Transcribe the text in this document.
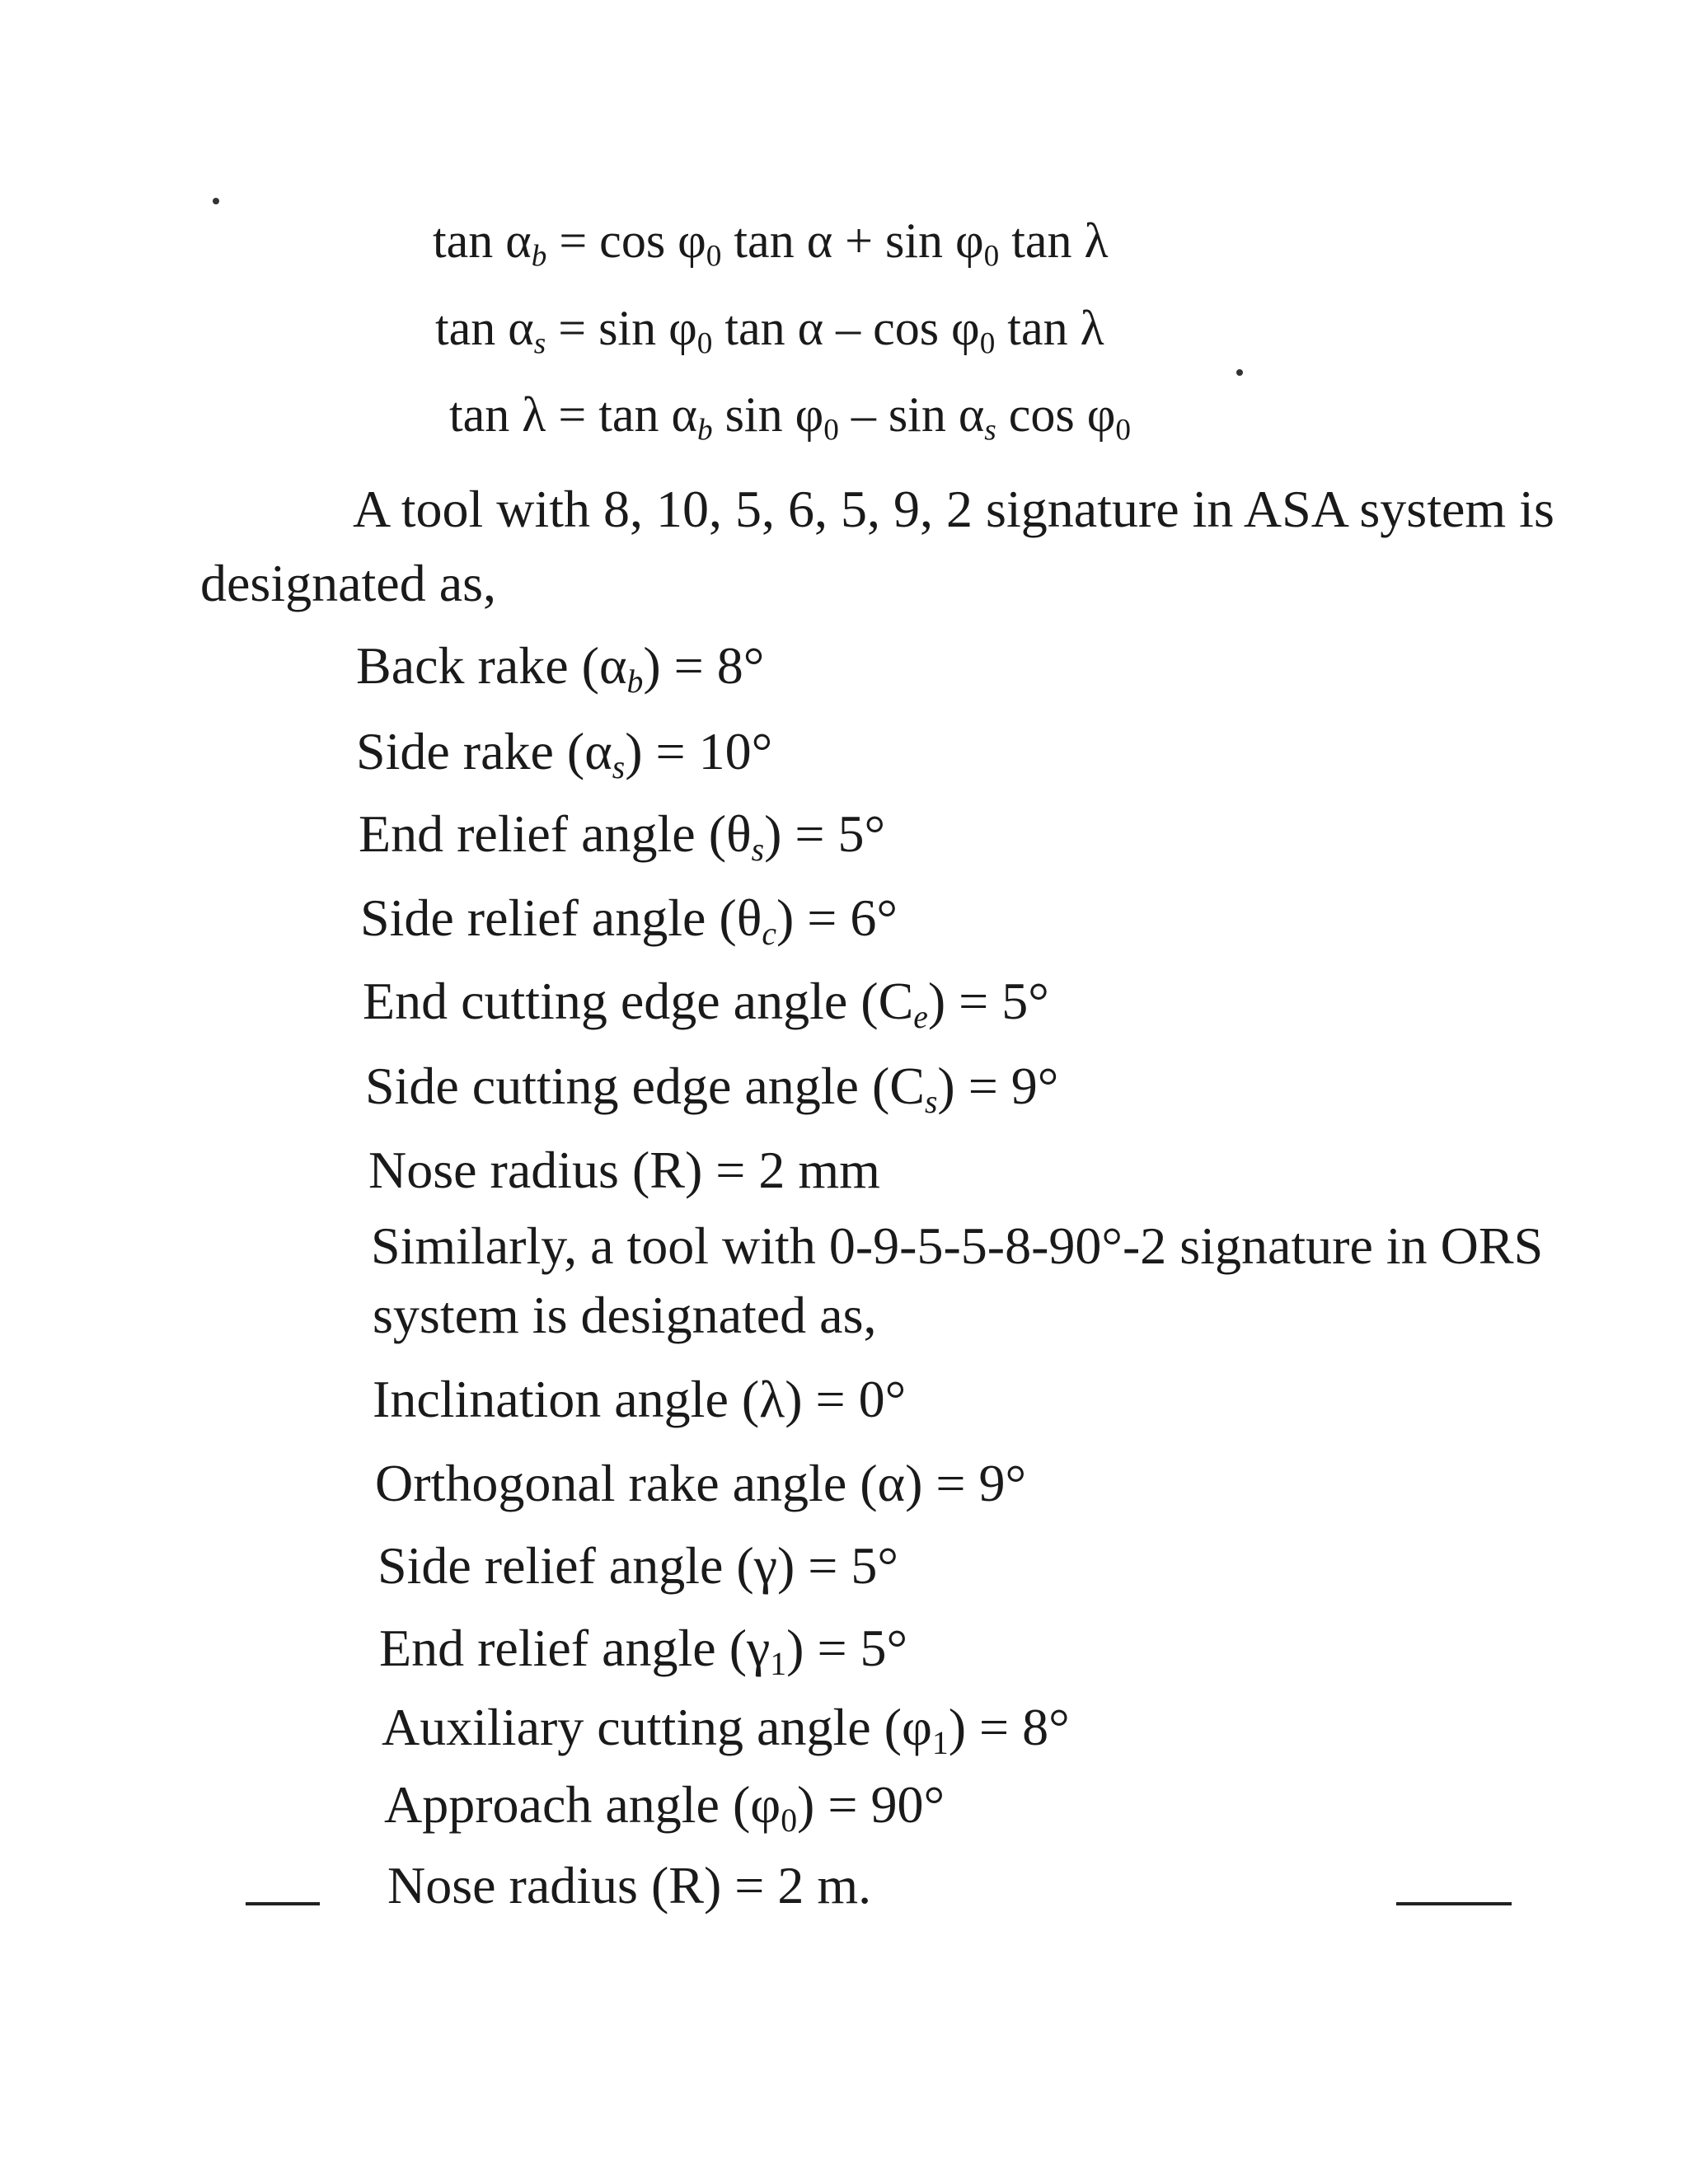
$\tan \alpha_b = \cos \varphi_0$ $\tan \alpha + \sin \varphi_0$ tan λ
$\tan \alpha_s = \sin \varphi_0$ tan α – $\cos \varphi_0$ tan λ
$\tan \lambda = \tan \alpha_b$ $\sin \varphi_0$ – $\sin \alpha_s$ $\cos \varphi_0$
A tool with 8, 10, 5, 6, 5, 9, 2 signature in ASA system is
designated as,
Back rake $(\alpha_b) = 8^\circ$
Side rake $(\alpha_s) = 10^\circ$
End relief angle $(\theta_s) = 5^\circ$
Side relief angle $(\theta_c) = 6^\circ$
End cutting edge angle $(C_e) = 5^\circ$
Side cutting edge angle $(C_s) = 9^\circ$
Nose radius (R) = 2 mm
Similarly, a tool with 0-9-5-5-8-90°-2 signature in ORS
system is designated as,
Inclination angle (λ) = 0°
Orthogonal rake angle (α) = 9°
Side relief angle (γ) = 5°
End relief angle $(\gamma_1) = 5^\circ$
Auxiliary cutting angle $(\varphi_1) = 8^\circ$
Approach angle $(\varphi_0) = 90^\circ$
Nose radius (R) = 2 m.
